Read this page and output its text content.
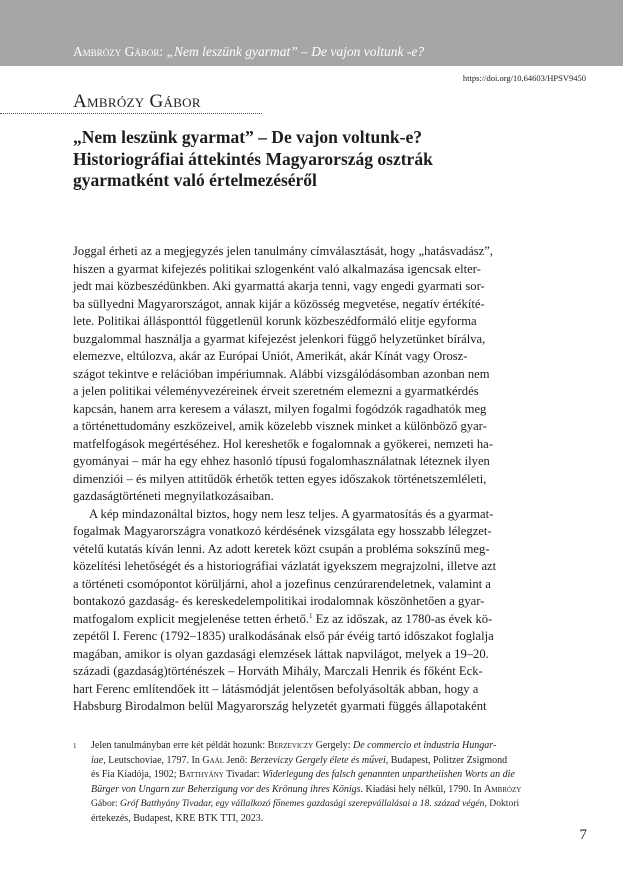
Ambrózy Gábor: „Nem leszünk gyarmat” – De vajon voltunk -e?
https://doi.org/10.64603/HPSV9450
Ambrózy Gábor
„Nem leszünk gyarmat” – De vajon voltunk-e?
Historiográfiai áttekintés Magyarország osztrák
gyarmatként való értelmezéséről
Joggal érheti az a megjegyzés jelen tanulmány címválasztását, hogy „hatásvadász”,
hiszen a gyarmat kifejezés politikai szlogenként való alkalmazása igencsak elter-
jedt mai közbeszédünkben. Aki gyarmattá akarja tenni, vagy engedi gyarmati sor-
ba süllyedni Magyarországot, annak kijár a közösség megvetése, negatív értékíté-
lete. Politikai állásponttól függetlenül korunk közbeszédformáló elitje egyforma
buzgalommal használja a gyarmat kifejezést jelenkori függő helyzetünket bírálva,
elemezve, eltúlozva, akár az Európai Uniót, Amerikát, akár Kínát vagy Orosz-
szágot tekintve e relációban impériumnak. Alábbi vizsgálódásomban azonban nem
a jelen politikai véleményvezéreinek érveit szeretném elemezni a gyarmatkérdés
kapcsán, hanem arra keresem a választ, milyen fogalmi fogódzók ragadhatók meg
a történettudomány eszközeivel, amik közelebb visznek minket a különböző gyar-
matfelfogások megértéséhez. Hol kereshetők e fogalomnak a gyökerei, nemzeti ha-
gyományai – már ha egy ehhez hasonló típusú fogalomhasználatnak léteznek ilyen
dimenziói – és milyen attitűdök érhetők tetten egyes időszakok történetszemléleti,
gazdaságtörténeti megnyilatkozásaiban.
A kép mindazonáltal biztos, hogy nem lesz teljes. A gyarmatosítás és a gyarmat-
fogalmak Magyarországra vonatkozó kérdésének vizsgálata egy hosszabb lélegzet-
vételű kutatás kíván lenni. Az adott keretek közt csupán a probléma sokszínű meg-
közelítési lehetőségét és a historiográfiai vázlatát igyekszem megrajzolni, illetve azt
a történeti csomópontot körüljárni, ahol a jozefinus cenzúrarendeletnek, valamint a
bontakozó gazdaság- és kereskedelempolitikai irodalomnak köszönhetően a gyar-
matfogalom explicit megjelenése tetten érhető.$^1$ Ez az időszak, az 1780-as évek kö-
zepétől I. Ferenc (1792–1835) uralkodásának első pár évéig tartó időszakot foglalja
magában, amikor is olyan gazdasági elemzések láttak napvilágot, melyek a 19–20.
századi (gazdaság)történészek – Horváth Mihály, Marczali Henrik és főként Eck-
hart Ferenc említendőek itt – látásmódját jelentősen befolyásolták abban, hogy a
Habsburg Birodalmon belül Magyarország helyzetét gyarmati függés állapotaként
1 Jelen tanulmányban erre két példát hozunk: Berzeviczy Gergely: De commercio et industria Hungar-
iae, Leutschoviae, 1797. In Gaál Jenő: Berzeviczy Gergely élete és művei, Budapest, Politzer Zsigmond
és Fia Kiadója, 1902; Batthyány Tivadar: Widerlegung des falsch genannten unpartheiishen Worts an die
Bürger von Ungarn zur Beherzigung vor des Krönung ihres Königs. Kiadási hely nélkül, 1790. In Ambrózy
Gábor: Gróf Batthyány Tivadar, egy vállalkozó főnemes gazdasági szerepvállalásai a 18. század végén, Doktori
értekezés, Budapest, KRE BTK TTI, 2023.
7
